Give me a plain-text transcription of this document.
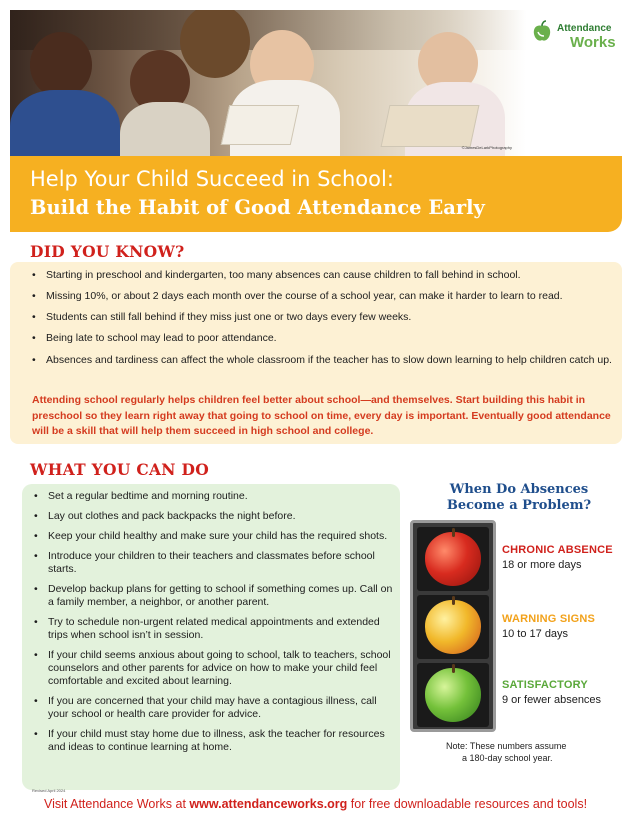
©JamesDeLarkPhotography
Attendance
Works
Help Your Child Succeed in School:
Build the Habit of Good Attendance Early
DID YOU KNOW?
• Starting in preschool and kindergarten, too many absences can cause children to fall behind in school.
• Missing 10%, or about 2 days each month over the course of a school year, can make it harder to learn to read.
• Students can still fall behind if they miss just one or two days every few weeks.
• Being late to school may lead to poor attendance.
• Absences and tardiness can affect the whole classroom if the teacher has to slow down learning to help children catch up.
Attending school regularly helps children feel better about school—and themselves. Start building this habit in preschool so they learn right away that going to school on time, every day is important. Eventually good attendance will be a skill that will help them succeed in high school and college.
WHAT YOU CAN DO
• Set a regular bedtime and morning routine.
• Lay out clothes and pack backpacks the night before.
• Keep your child healthy and make sure your child has the required shots.
• Introduce your children to their teachers and classmates before school starts.
• Develop backup plans for getting to school if something comes up. Call on a family member, a neighbor, or another parent.
• Try to schedule non-urgent related medical appointments and extended trips when school isn’t in session.
• If your child seems anxious about going to school, talk to teachers, school counselors and other parents for advice on how to make your child feel comfortable and excited about learning.
• If you are concerned that your child may have a contagious illness, call your school or health care provider for advice.
• If your child must stay home due to illness, ask the teacher for resources and ideas to continue learning at home.
When Do Absences
Become a Problem?
CHRONIC ABSENCE
18 or more days
WARNING SIGNS
10 to 17 days
SATISFACTORY
9 or fewer absences
Note: These numbers assume
a 180-day school year.
Revised April 2024
Visit Attendance Works at www.attendanceworks.org for free downloadable resources and tools!
